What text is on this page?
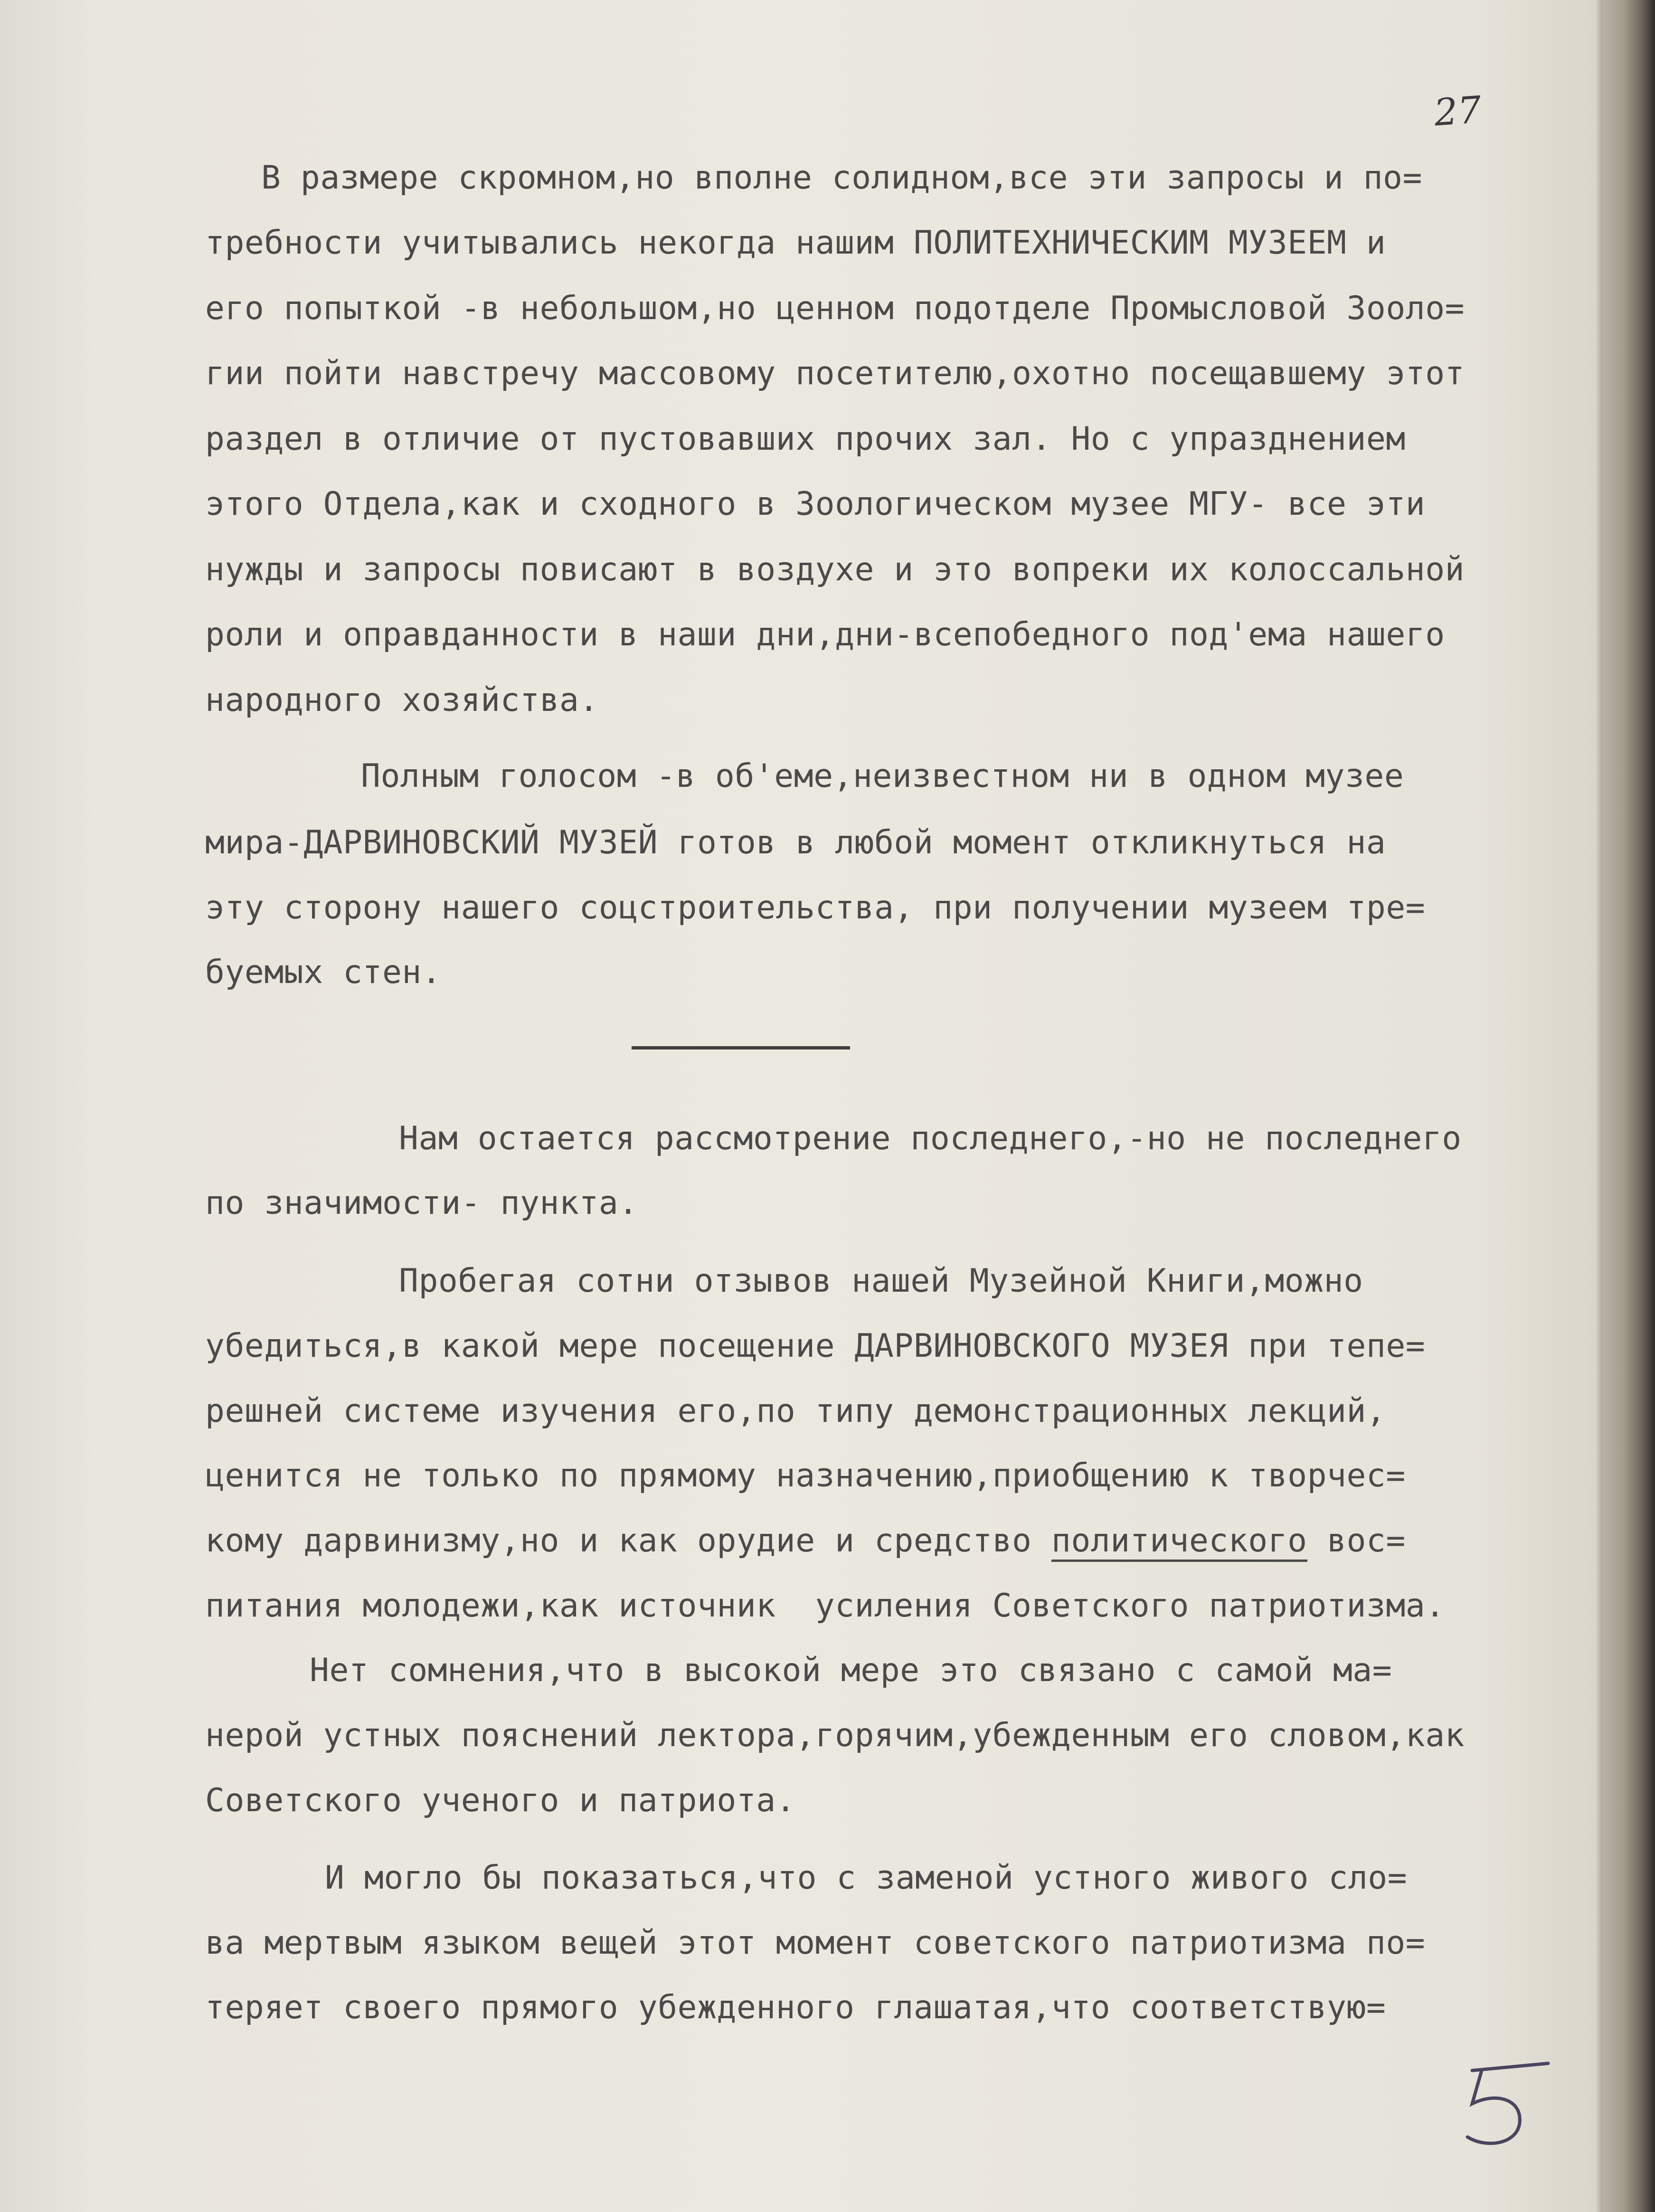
27
В размере скромном,но вполне солидном,все эти запросы и по=
требности учитывались некогда нашим ПОЛИТЕХНИЧЕСКИМ МУЗЕЕМ и
его попыткой -в небольшом,но ценном подотделе Промысловой Зооло=
гии пойти навстречу массовому посетителю,охотно посещавшему этот
раздел в отличие от пустовавших прочих зал. Но с упразднением
этого Отдела,как и сходного в Зоологическом музее МГУ- все эти
нужды и запросы повисают в воздухе и это вопреки их колоссальной
роли и оправданности в наши дни,дни-всепобедного под'ема нашего
народного хозяйства.
Полным голосом -в об'еме,неизвестном ни в одном музее
мира-ДАРВИНОВСКИЙ МУЗЕЙ готов в любой момент откликнуться на
эту сторону нашего соцстроительства, при получении музеем тре=
буемых стен.
Нам остается рассмотрение последнего,-но не последнего
по значимости- пункта.
Пробегая сотни отзывов нашей Музейной Книги,можно
убедиться,в какой мере посещение ДАРВИНОВСКОГО МУЗЕЯ при тепе=
решней системе изучения его,по типу демонстрационных лекций,
ценится не только по прямому назначению,приобщению к творчес=
кому дарвинизму,но и как орудие и средство политического вос=
питания молодежи,как источник  усиления Советского патриотизма.
Нет сомнения,что в высокой мере это связано с самой ма=
нерой устных пояснений лектора,горячим,убежденным его словом,как
Советского ученого и патриота.
И могло бы показаться,что с заменой устного живого сло=
ва мертвым языком вещей этот момент советского патриотизма по=
теряет своего прямого убежденного глашатая,что соответствую=
